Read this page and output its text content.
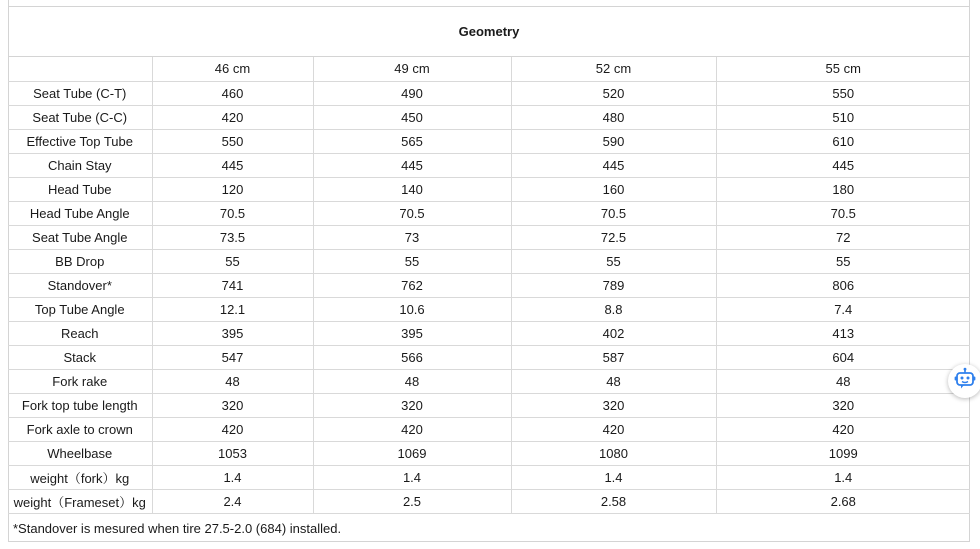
Geometry
	46 cm	49 cm	52 cm	55 cm
Seat Tube (C-T)	460	490	520	550
Seat Tube (C-C)	420	450	480	510
Effective Top Tube	550	565	590	610
Chain Stay	445	445	445	445
Head Tube	120	140	160	180
Head Tube Angle	70.5	70.5	70.5	70.5
Seat Tube Angle	73.5	73	72.5	72
BB Drop	55	55	55	55
Standover*	741	762	789	806
Top Tube Angle	12.1	10.6	8.8	7.4
Reach	395	395	402	413
Stack	547	566	587	604
Fork rake	48	48	48	48
Fork top tube length	320	320	320	320
Fork axle to crown	420	420	420	420
Wheelbase	1053	1069	1080	1099
weight（fork）kg	1.4	1.4	1.4	1.4
weight（Frameset）kg	2.4	2.5	2.58	2.68
*Standover is mesured when tire 27.5-2.0 (684) installed.
